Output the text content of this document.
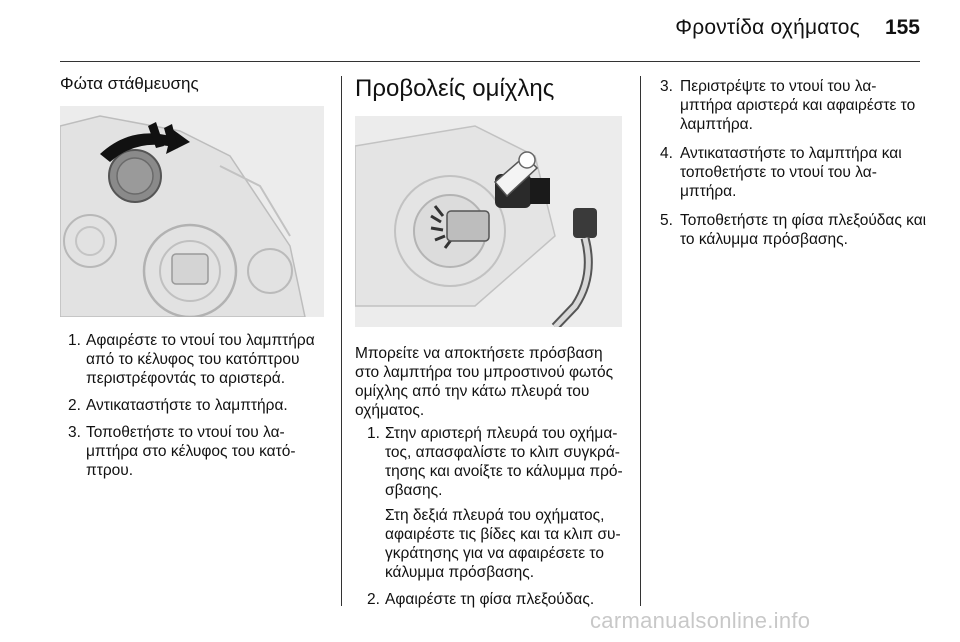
Φροντίδα οχήματος 155
Φώτα στάθμευσης
1. Αφαιρέστε το ντουί του λαμπτήρα από το κέλυφος του κατόπτρου περιστρέφοντάς το αριστερά.
2. Αντικαταστήστε το λαμπτήρα.
3. Τοποθετήστε το ντουί του λα-μπτήρα στο κέλυφος του κατό-πτρου.
Προβολείς ομίχλης
Μπορείτε να αποκτήσετε πρόσβαση στο λαμπτήρα του μπροστινού φωτός ομίχλης από την κάτω πλευρά του οχήματος.
1. Στην αριστερή πλευρά του οχήμα-τος, απασφαλίστε το κλιπ συγκρά-τησης και ανοίξτε το κάλυμμα πρό-σβασης.
Στη δεξιά πλευρά του οχήματος, αφαιρέστε τις βίδες και τα κλιπ συ-γκράτησης για να αφαιρέσετε το κάλυμμα πρόσβασης.
2. Αφαιρέστε τη φίσα πλεξούδας.
3. Περιστρέψτε το ντουί του λα-μπτήρα αριστερά και αφαιρέστε το λαμπτήρα.
4. Αντικαταστήστε το λαμπτήρα και τοποθετήστε το ντουί του λα-μπτήρα.
5. Τοποθετήστε τη φίσα πλεξούδας και το κάλυμμα πρόσβασης.
carmanualsonline.info
